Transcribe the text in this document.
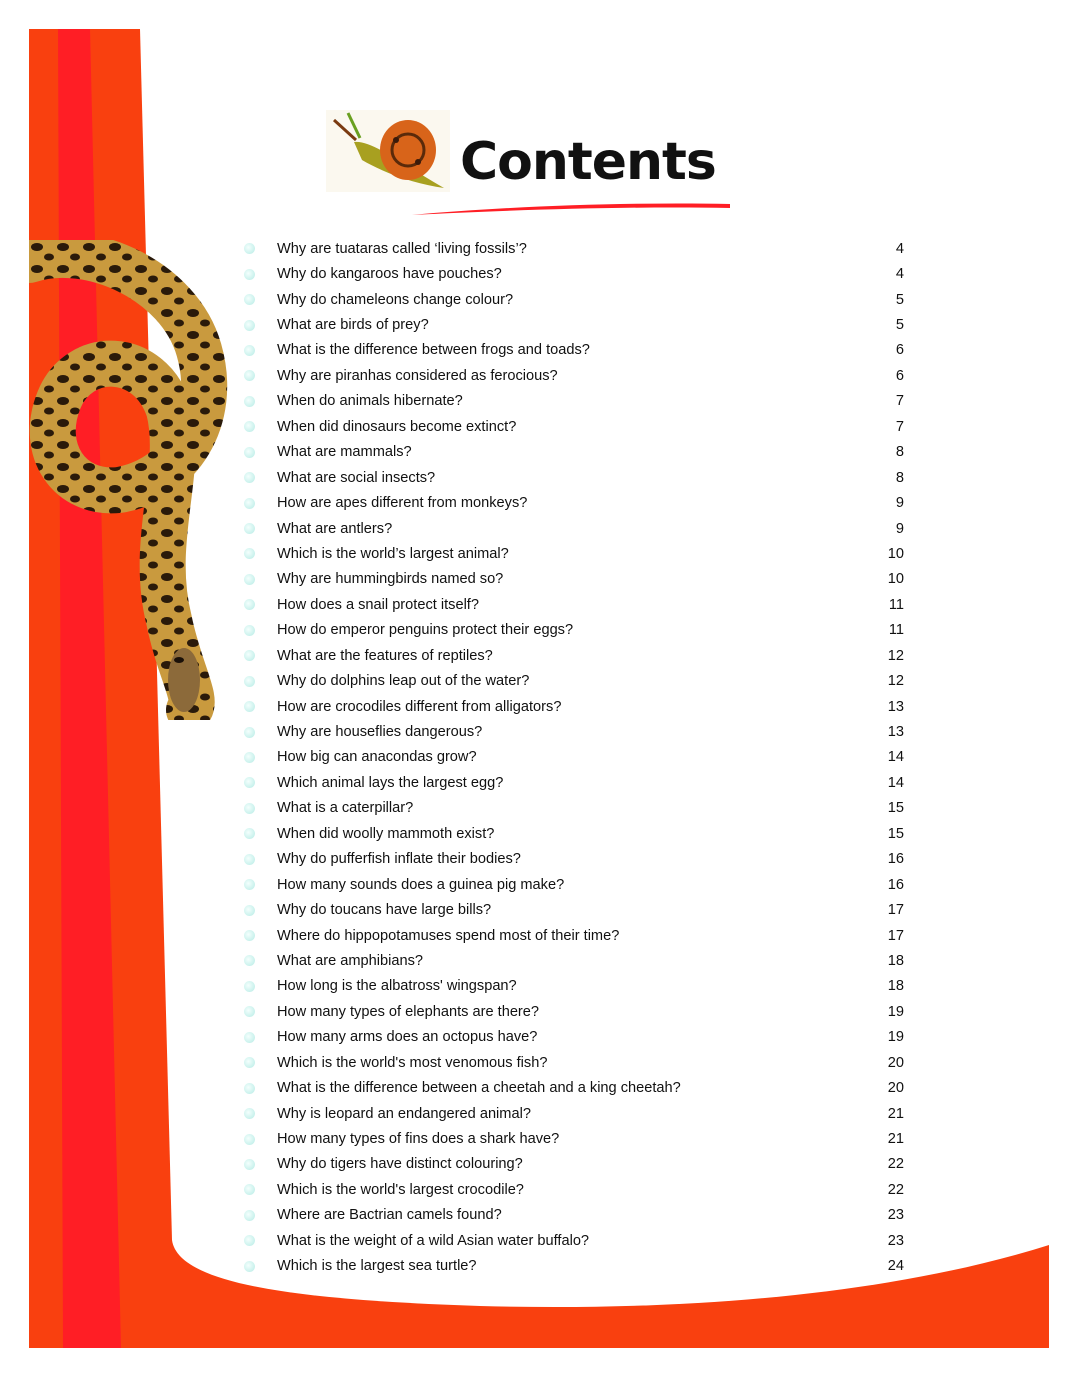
Contents
Why are tuataras called ‘living fossils’?	4
Why do kangaroos have pouches?	4
Why do chameleons change colour?	5
What are birds of prey?	5
What is the difference between frogs and toads?	6
Why are piranhas considered as ferocious?	6
When do animals hibernate?	7
When did dinosaurs become extinct?	7
What are mammals?	8
What are social insects?	8
How are apes different from monkeys?	9
What are antlers?	9
Which is the world’s largest animal?	10
Why are hummingbirds named so?	10
How does a snail protect itself?	11
How do emperor penguins protect their eggs?	11
What are the features of reptiles?	12
Why do dolphins leap out of the water?	12
How are crocodiles different from alligators?	13
Why are houseflies dangerous?	13
How big can anacondas grow?	14
Which animal lays the largest egg?	14
What is a caterpillar?	15
When did woolly mammoth exist?	15
Why do pufferfish inflate their bodies?	16
How many sounds does a guinea pig make?	16
Why do toucans have large bills?	17
Where do hippopotamuses spend most of their time?	17
What are amphibians?	18
How long is the albatross' wingspan?	18
How many types of elephants are there?	19
How many arms does an octopus have?	19
Which is the world's most venomous fish?	20
What is the difference between a cheetah and a king cheetah?	20
Why is leopard an endangered animal?	21
How many types of fins does a shark have?	21
Why do tigers have distinct colouring?	22
Which is the world's largest crocodile?	22
Where are Bactrian camels found?	23
What is the weight of a wild Asian water buffalo?	23
Which is the largest sea turtle?	24
